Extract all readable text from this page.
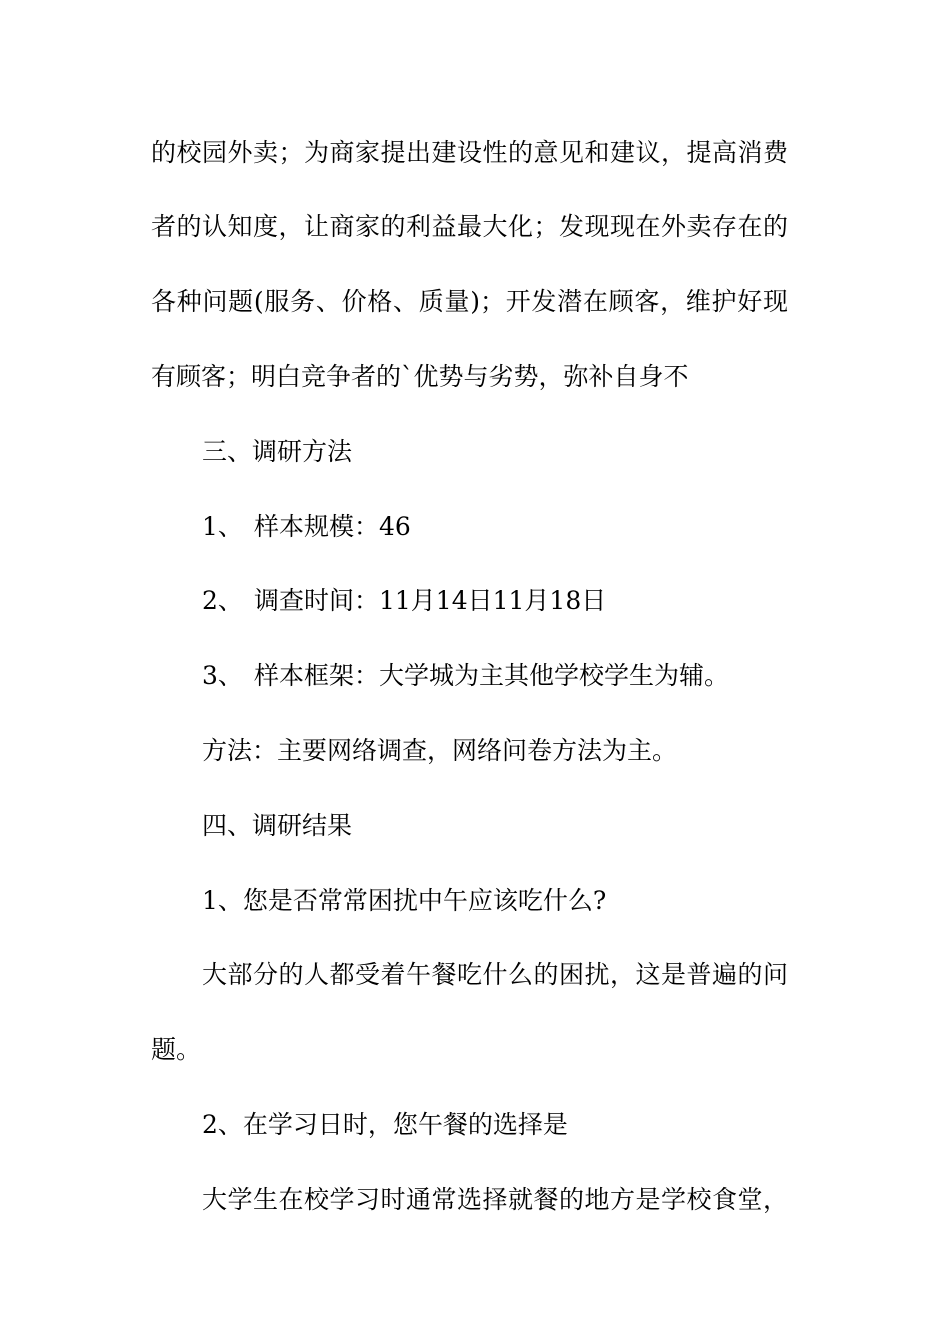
的校园外卖；为商家提出建设性的意见和建议，提高消费

者的认知度，让商家的利益最大化；发现现在外卖存在的

各种问题(服务、价格、质量)；开发潜在顾客，维护好现

有顾客；明白竞争者的`优势与劣势，弥补自身不

三、调研方法

1、 样本规模：46

2、 调查时间：11月14日11月18日

3、 样本框架：大学城为主其他学校学生为辅。

方法：主要网络调查，网络问卷方法为主。

四、调研结果

1、您是否常常困扰中午应该吃什么?

大部分的人都受着午餐吃什么的困扰，这是普遍的问

题。

2、在学习日时，您午餐的选择是

大学生在校学习时通常选择就餐的地方是学校食堂，
